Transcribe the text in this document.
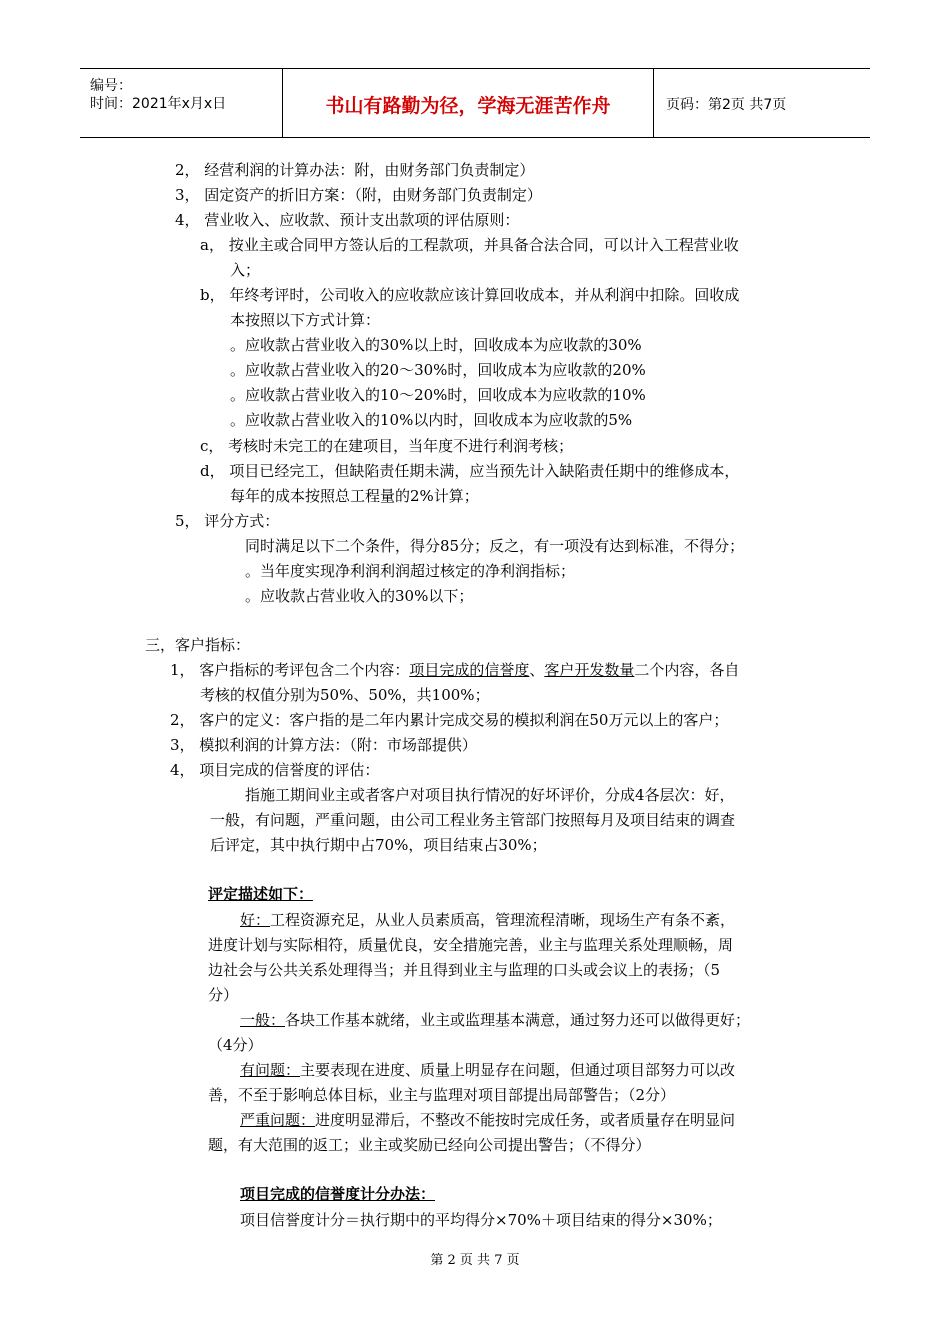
编号：
时间：2021年x月x日	书山有路勤为径，学海无涯苦作舟	页码：第2页 共7页
2， 经营利润的计算办法：附，由财务部门负责制定）
3， 固定资产的折旧方案：（附，由财务部门负责制定）
4， 营业收入、应收款、预计支出款项的评估原则：
a， 按业主或合同甲方签认后的工程款项，并具备合法合同，可以计入工程营业收
入；
b， 年终考评时，公司收入的应收款应该计算回收成本，并从利润中扣除。回收成
本按照以下方式计算：
。应收款占营业收入的30%以上时，回收成本为应收款的30%
。应收款占营业收入的20～30%时，回收成本为应收款的20%
。应收款占营业收入的10～20%时，回收成本为应收款的10%
。应收款占营业收入的10%以内时，回收成本为应收款的5%
c， 考核时未完工的在建项目，当年度不进行利润考核；
d， 项目已经完工，但缺陷责任期未满，应当预先计入缺陷责任期中的维修成本，
每年的成本按照总工程量的2%计算；
5， 评分方式：
同时满足以下二个条件，得分85分；反之，有一项没有达到标准，不得分；
。当年度实现净利润利润超过核定的净利润指标；
。应收款占营业收入的30%以下；
三，客户指标：
1， 客户指标的考评包含二个内容：项目完成的信誉度、客户开发数量二个内容，各自
考核的权值分别为50%、50%，共100%；
2， 客户的定义：客户指的是二年内累计完成交易的模拟利润在50万元以上的客户；
3， 模拟利润的计算方法：（附：市场部提供）
4， 项目完成的信誉度的评估：
指施工期间业主或者客户对项目执行情况的好坏评价，分成4各层次：好，
一般，有问题，严重问题，由公司工程业务主管部门按照每月及项目结束的调查
后评定，其中执行期中占70%，项目结束占30%；
评定描述如下：
好：工程资源充足，从业人员素质高，管理流程清晰，现场生产有条不紊，
进度计划与实际相符，质量优良，安全措施完善，业主与监理关系处理顺畅，周
边社会与公共关系处理得当；并且得到业主与监理的口头或会议上的表扬；（5
分）
一般：各块工作基本就绪，业主或监理基本满意，通过努力还可以做得更好；
（4分）
有问题：主要表现在进度、质量上明显存在问题，但通过项目部努力可以改
善，不至于影响总体目标，业主与监理对项目部提出局部警告；（2分）
严重问题：进度明显滞后，不整改不能按时完成任务，或者质量存在明显问
题，有大范围的返工；业主或奖励已经向公司提出警告；（不得分）
项目完成的信誉度计分办法：
项目信誉度计分＝执行期中的平均得分×70%＋项目结束的得分×30%；
第 2 页 共 7 页
